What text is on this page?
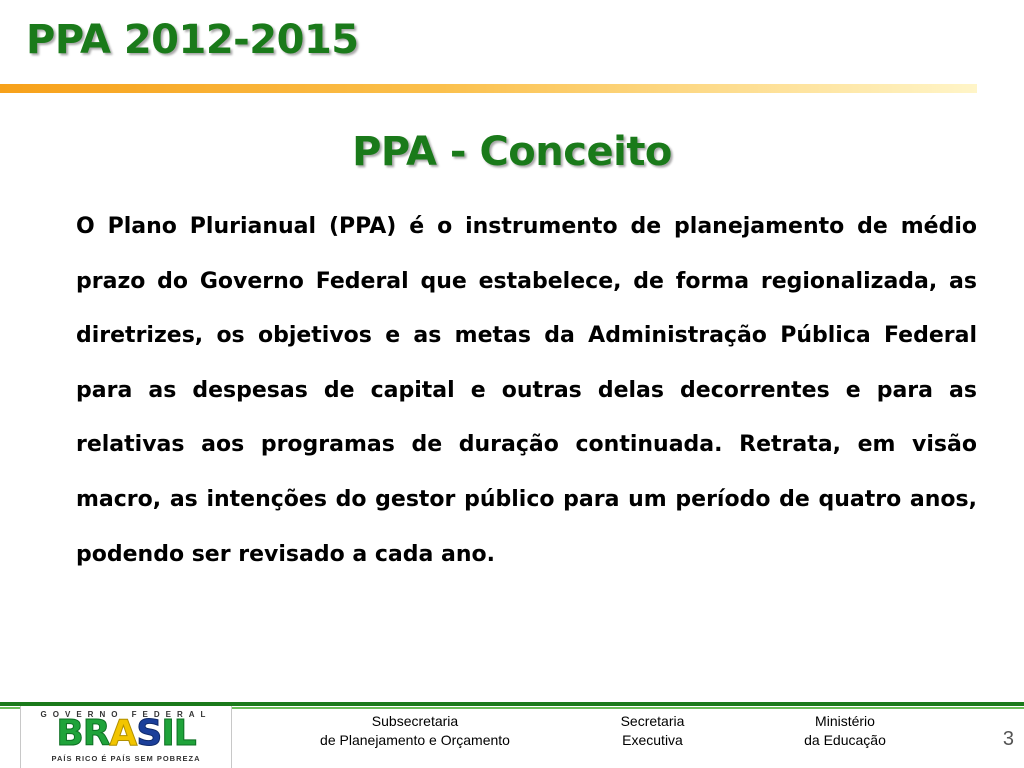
PPA 2012-2015
PPA - Conceito

O Plano Plurianual (PPA) é o instrumento de planejamento de médio prazo do Governo Federal que estabelece, de forma regionalizada, as diretrizes, os objetivos e as metas da Administração Pública Federal para as despesas de capital e outras delas decorrentes e para as relativas aos programas de duração continuada. Retrata, em visão macro, as intenções do gestor público para um período de quatro anos, podendo ser revisado a cada ano.

GOVERNO FEDERAL
BRASIL
PAÍS RICO É PAÍS SEM POBREZA
Subsecretaria
de Planejamento e Orçamento
Secretaria
Executiva
Ministério
da Educação	3
